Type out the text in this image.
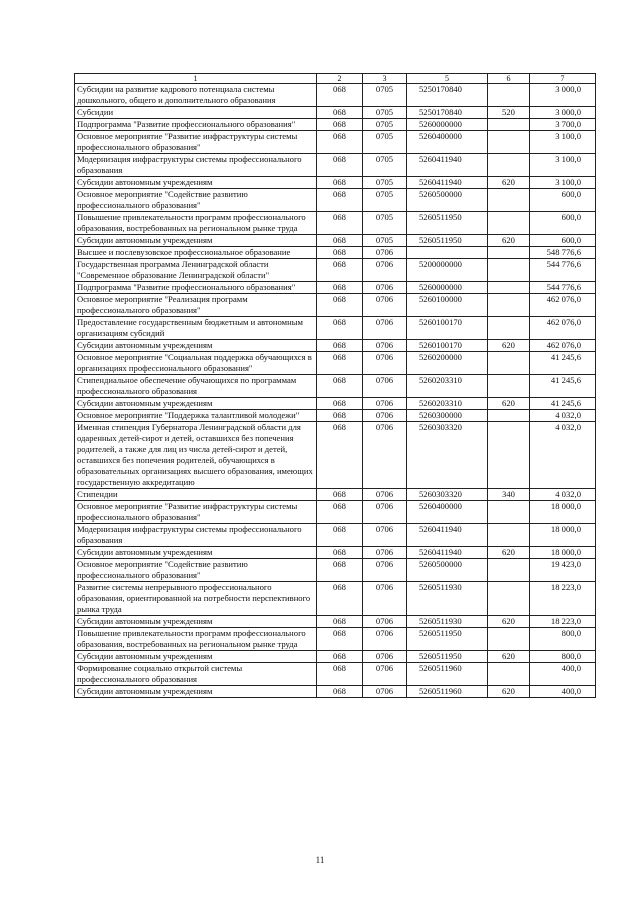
1	2	3	5	6	7
Субсидии на развитие кадрового потенциала системы дошкольного, общего и дополнительного образования	068	0705	5250170840		3 000,0
Субсидии	068	0705	5250170840	520	3 000,0
Подпрограмма "Развитие профессионального образования"	068	0705	5260000000		3 700,0
Основное мероприятие "Развитие инфраструктуры системы профессионального образования"	068	0705	5260400000		3 100,0
Модернизация инфраструктуры системы профессионального образования	068	0705	5260411940		3 100,0
Субсидии автономным учреждениям	068	0705	5260411940	620	3 100,0
Основное мероприятие "Содействие развитию профессионального образования"	068	0705	5260500000		600,0
Повышение привлекательности программ профессионального образования, востребованных на региональном рынке труда	068	0705	5260511950		600,0
Субсидии автономным учреждениям	068	0705	5260511950	620	600,0
Высшее и послевузовское профессиональное образование	068	0706			548 776,6
Государственная программа Ленинградской области "Современное образование Ленинградской области"	068	0706	5200000000		544 776,6
Подпрограмма "Развитие профессионального образования"	068	0706	5260000000		544 776,6
Основное мероприятие "Реализация программ профессионального образования"	068	0706	5260100000		462 076,0
Предоставление государственным бюджетным и автономным организациям субсидий	068	0706	5260100170		462 076,0
Субсидии автономным учреждениям	068	0706	5260100170	620	462 076,0
Основное мероприятие "Социальная поддержка обучающихся в организациях профессионального образования"	068	0706	5260200000		41 245,6
Стипендиальное обеспечение обучающихся по программам профессионального образования	068	0706	5260203310		41 245,6
Субсидии автономным учреждениям	068	0706	5260203310	620	41 245,6
Основное мероприятие "Поддержка талантливой молодежи"	068	0706	5260300000		4 032,0
Именная стипендия Губернатора Ленинградской области для одаренных детей-сирот и детей, оставшихся без попечения родителей, а также для лиц из числа детей-сирот и детей, оставшихся без попечения родителей, обучающихся в образовательных организациях высшего образования, имеющих государственную аккредитацию	068	0706	5260303320		4 032,0
Стипендии	068	0706	5260303320	340	4 032,0
Основное мероприятие "Развитие инфраструктуры системы профессионального образования"	068	0706	5260400000		18 000,0
Модернизация инфраструктуры системы профессионального образования	068	0706	5260411940		18 000,0
Субсидии автономным учреждениям	068	0706	5260411940	620	18 000,0
Основное мероприятие "Содействие развитию профессионального образования"	068	0706	5260500000		19 423,0
Развитие системы непрерывного профессионального образования, ориентированной на потребности перспективного рынка труда	068	0706	5260511930		18 223,0
Субсидии автономным учреждениям	068	0706	5260511930	620	18 223,0
Повышение привлекательности программ профессионального образования, востребованных на региональном рынке труда	068	0706	5260511950		800,0
Субсидии автономным учреждениям	068	0706	5260511950	620	800,0
Формирование социально открытой системы профессионального образования	068	0706	5260511960		400,0
Субсидии автономным учреждениям	068	0706	5260511960	620	400,0
11
